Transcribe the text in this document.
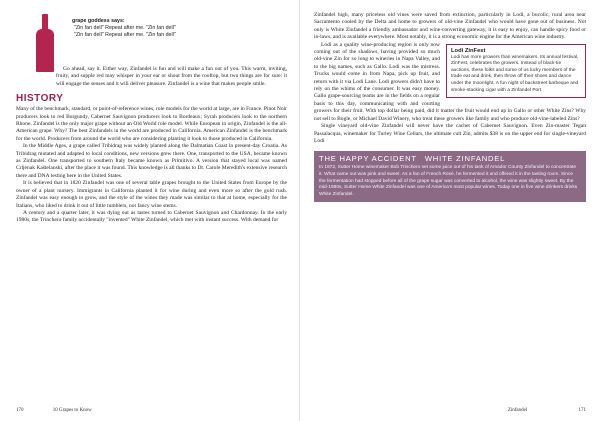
grape goddess says:
"Zin fan dell" Repeat after me. "Zin fan dell"
"Zin fan dell" Repeat after me. "Zin fan dell"

Go ahead, say it. Either way, Zinfandel is fun and will make a fun out of you. This warm, inviting, fruity, and supple red may whisper in your ear or shout from the rooftop, but two things are for sure: it will engage the senses and it will deliver pleasure. Zinfandel is a wine that makes people smile.

HISTORY

Many of the benchmark, standard, or point-of-reference wines, role models for the world at large, are in France. Pinot Noir producers look to red Burgundy, Cabernet Sauvignon producers look to Bordeaux; Syrah producers look to the northern Rhone. Zinfandel is the only major grape without an Old World role model. While European in origin, Zinfandel is the all-American grape. Why? The best Zinfandels in the world are produced in California. American Zinfandel is the benchmark for the world. Producers from around the world who are considering planting it look to those produced in California.

In the Middle Ages, a grape called Tribidrag was widely planted along the Dalmatian Coast in present-day Croatia. As Tribidrag mutated and adapted to local conditions, new versions grew there. One, transported to the USA, became known as Zinfandel. One transported to southern Italy became known as Primitivo. A version that stayed local was named Crljenak Kaštelanski, after the place it was found. This knowledge is all thanks to Dr. Carole Meredith's extensive research there and DNA testing here in the United States.

It is believed that in 1820 Zinfandel was one of several table grapes brought to the United States from Europe by the owner of a plant nursery. Immigrants in California planted it for wine during and even more so after the gold rush. Zinfandel was easy enough to grow, and the style of the wines they made was similar to that at home, especially for the Italians, who liked to drink it out of little tumblers, not fancy wine stems.

A century and a quarter later, it was dying out as tastes turned to Cabernet Sauvignon and Chardonnay. In the early 1980s, the Trinchero family accidentally "invented" White Zinfandel, which met with instant success. With demand for

170	10 Grapes to Know

Zinfandel high, many priceless old vines were saved from extinction, particularly in Lodi, a bucolic, rural area near Sacramento cooled by the Delta and home to growers of old-vine Zinfandel who would have gone out of business. Not only is White Zinfandel a friendly ambassador and wine-converting gateway, it is easy to enjoy, can handle spicy food or in-laws, and is available everywhere. Most notably, it is a strong economic engine for the American wine industry.

Lodi ZinFest
Lodi has more growers than winemakers. Its annual festival, ZinFest, celebrates the growers. Instead of black-tie auctions, these folks and some of us lucky members of the trade eat and drink, then throw off their shoes and dance under the moonlight. A fun night of backstreet barbeque and smoke-stacking cigar with a Zinfandel Port.

Lodi as a quality wine-producing region is only now coming out of the shadows, having provided so much old-vine Zin for so long to wineries in Napa Valley, and to the big names, such as Gallo. Lodi was the mistress. Trucks would come in from Napa, pick up fruit, and return with it via Lodi Lane. Lodi growers didn't have to rely on the whims of the consumer. It was easy money. Gallo grape-sourcing teams are in the fields on a regular basis to this day, communicating with and courting growers for their fruit. With top dollar being paid, did it matter the fruit would end up in Gallo or other White Zins? Why not sell to Bogle, or Michael David Winery, who treat these growers like family and who produce old-vine-labeled Zins?

Single vineyard old-vine Zinfandel will never have the cachet of Cabernet Sauvignon. Even Zin-master Tegan Passalacqua, winemaker for Turley Wine Cellars, the ultimate cult Zin, admits $38 is on the upper end for single-vineyard Lodi

THE HAPPY ACCIDENT WHITE ZINFANDEL
In 1972, Sutter Home winemaker Bob Trinchero set some juice out of his tank of Amador County Zinfandel to concentrate it. What came out was pink and sweet. As a fan of French Rosé, he fermented it and offered it in the tasting room. Since the fermentation had stopped before all of the grape sugar was converted to alcohol, the wine was slightly sweet. By the mid-1980s, Sutter Home White Zinfandel was one of America's most popular wines. Today one in five wine drinkers drinks White Zinfandel.
Zinfandel	171
